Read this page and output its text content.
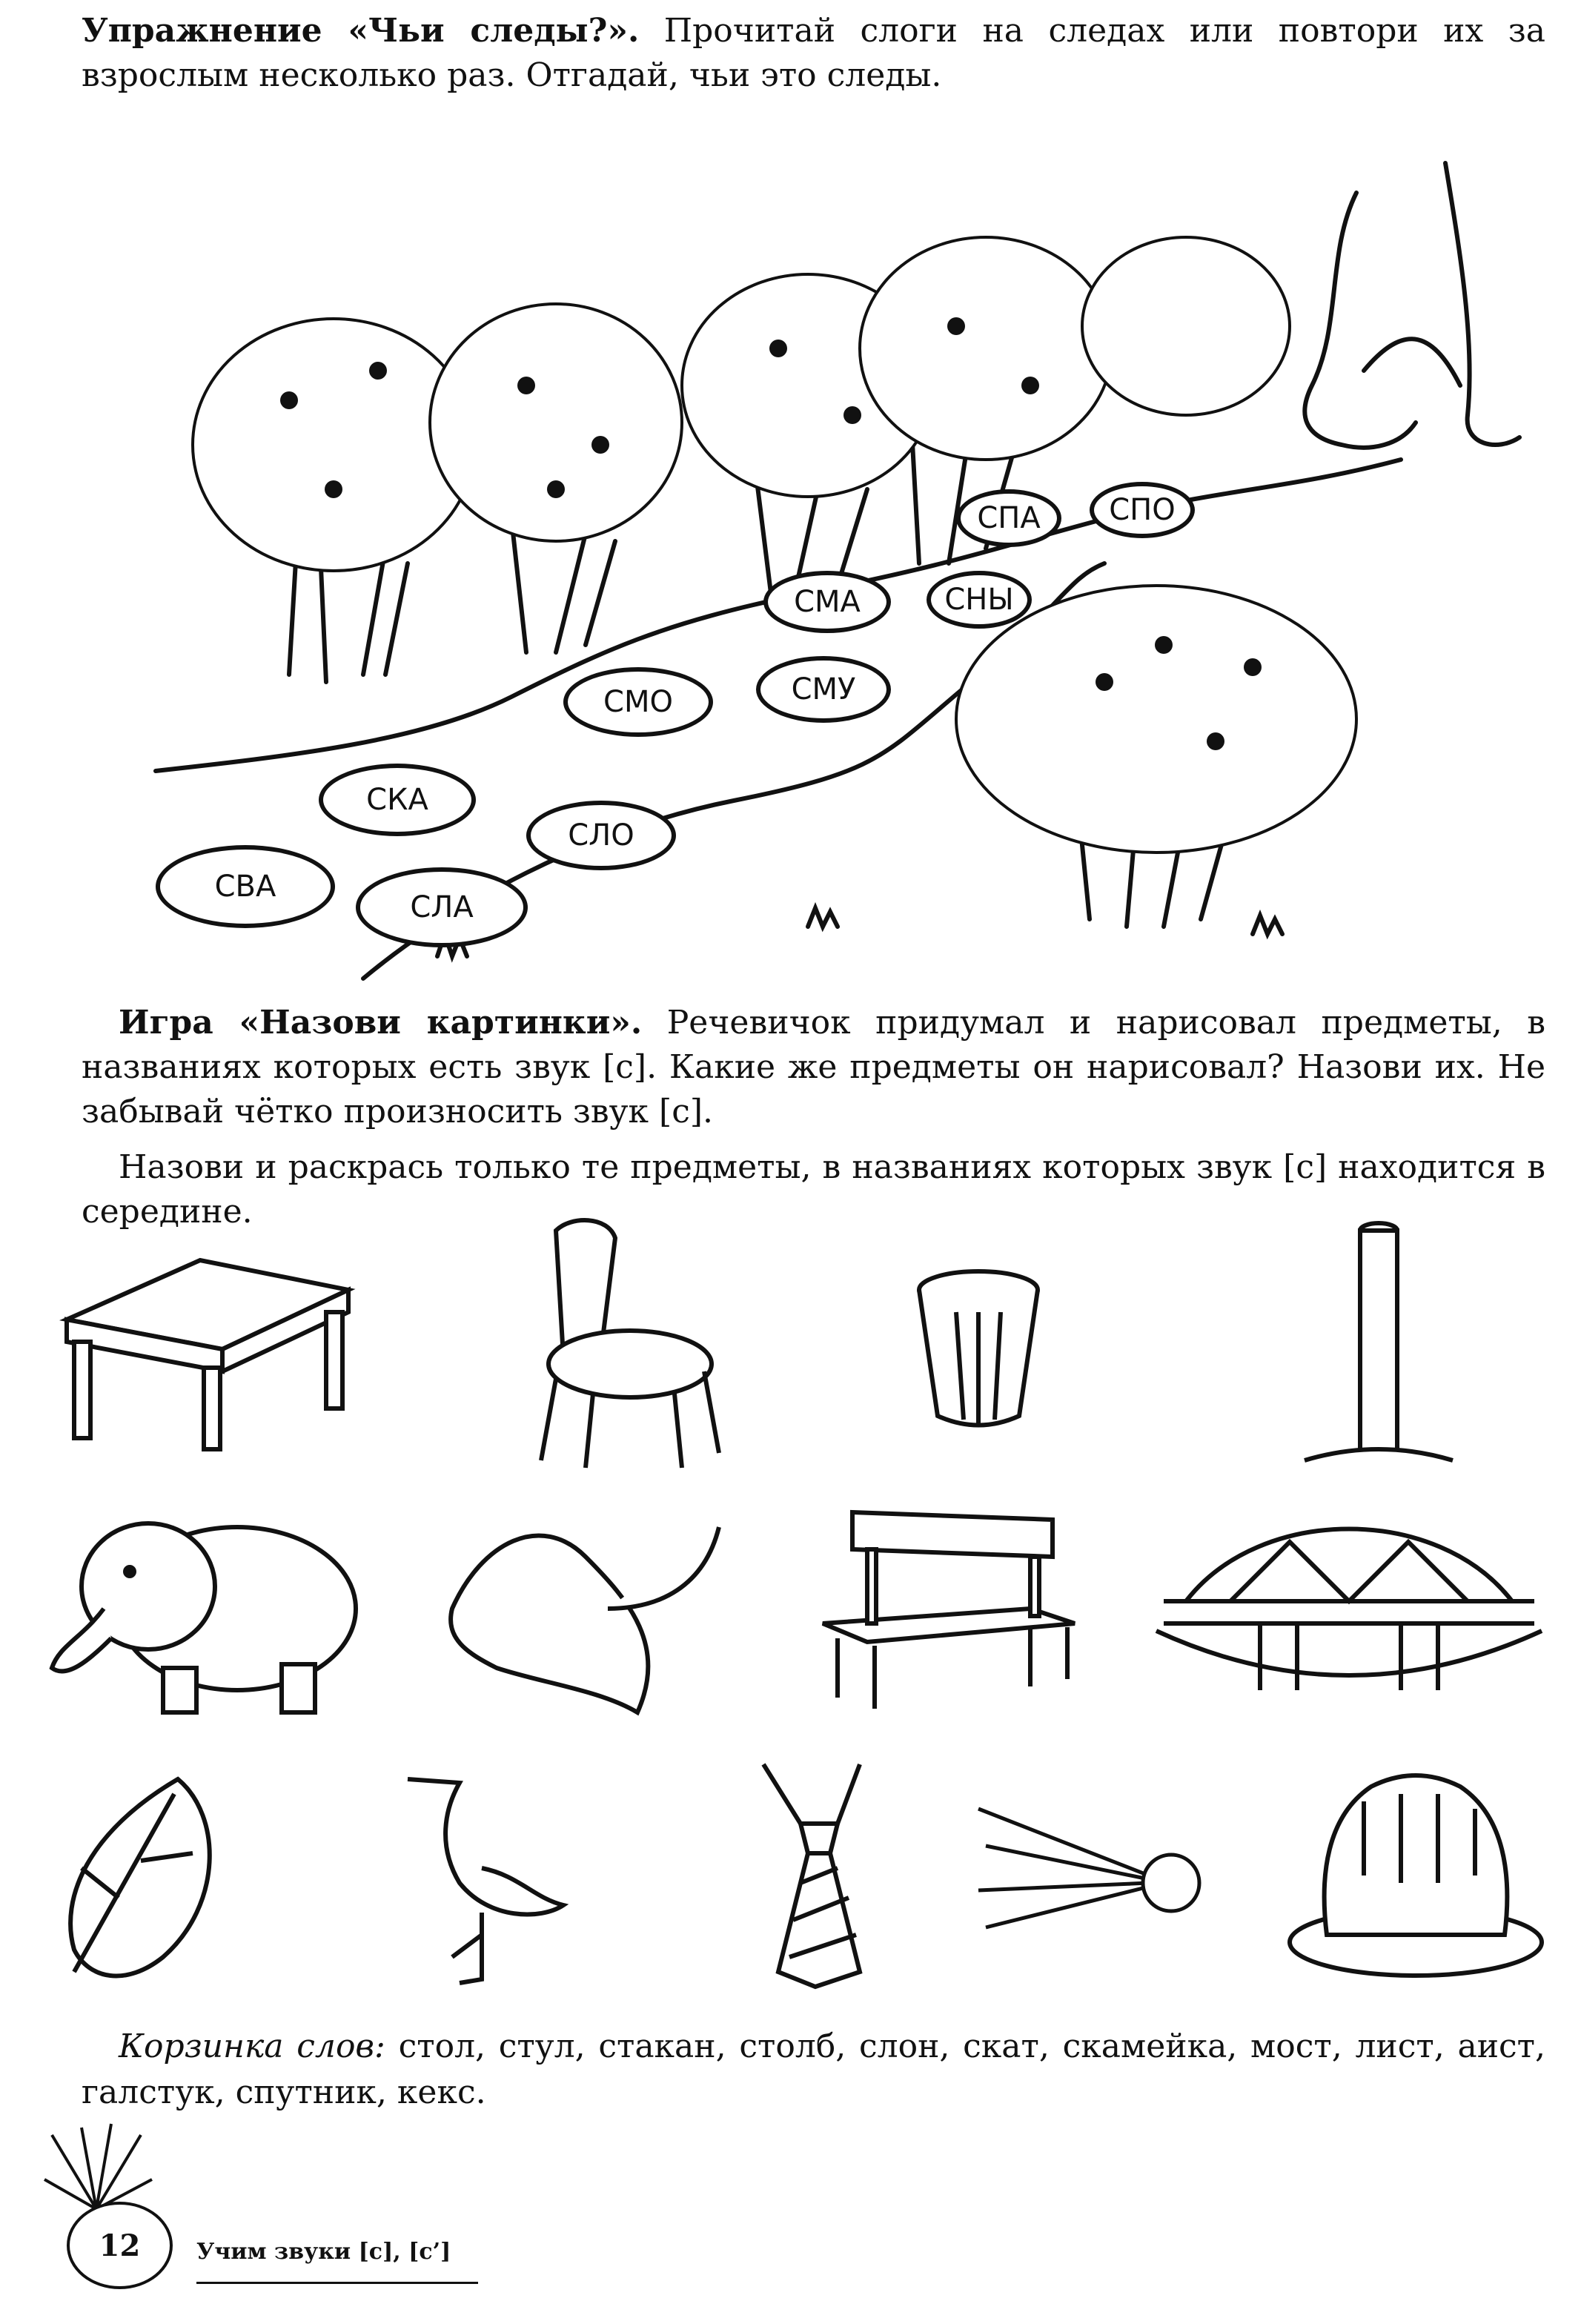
Упражнение «Чьи следы?». Прочитай слоги на следах или повтори их за взрослым несколько раз. Отгадай, чьи это следы.
СВА
СЛА
СКА
СЛО
СМО	СМУ
СМА	СНЫ
СПА	СПО
Игра «Назови картинки». Речевичок придумал и нарисовал предметы, в названиях которых есть звук [с]. Какие же предметы он нарисовал? Назови их. Не забывай чётко произносить звук [с].
Назови и раскрась только те предметы, в названиях которых звук [с] находится в середине.
Корзинка слов: стол, стул, стакан, столб, слон, скат, скамейка, мост, лист, аист, галстук, спутник, кекс.
12	Учим звуки [с], [с’]
